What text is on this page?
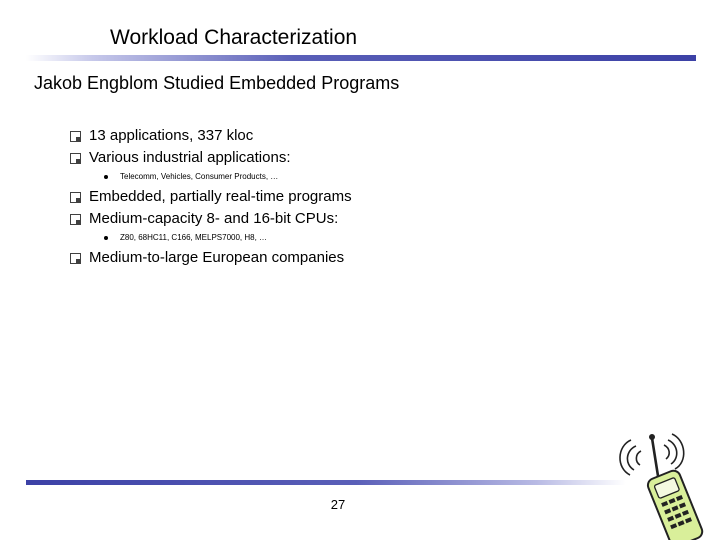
Workload Characterization
Jakob Engblom Studied Embedded Programs
13 applications, 337 kloc
Various industrial applications:
Telecomm, Vehicles, Consumer Products, …
Embedded, partially real-time programs
Medium-capacity 8- and 16-bit CPUs:
Z80, 68HC11, C166, MELPS7000, H8, …
Medium-to-large European companies
27
